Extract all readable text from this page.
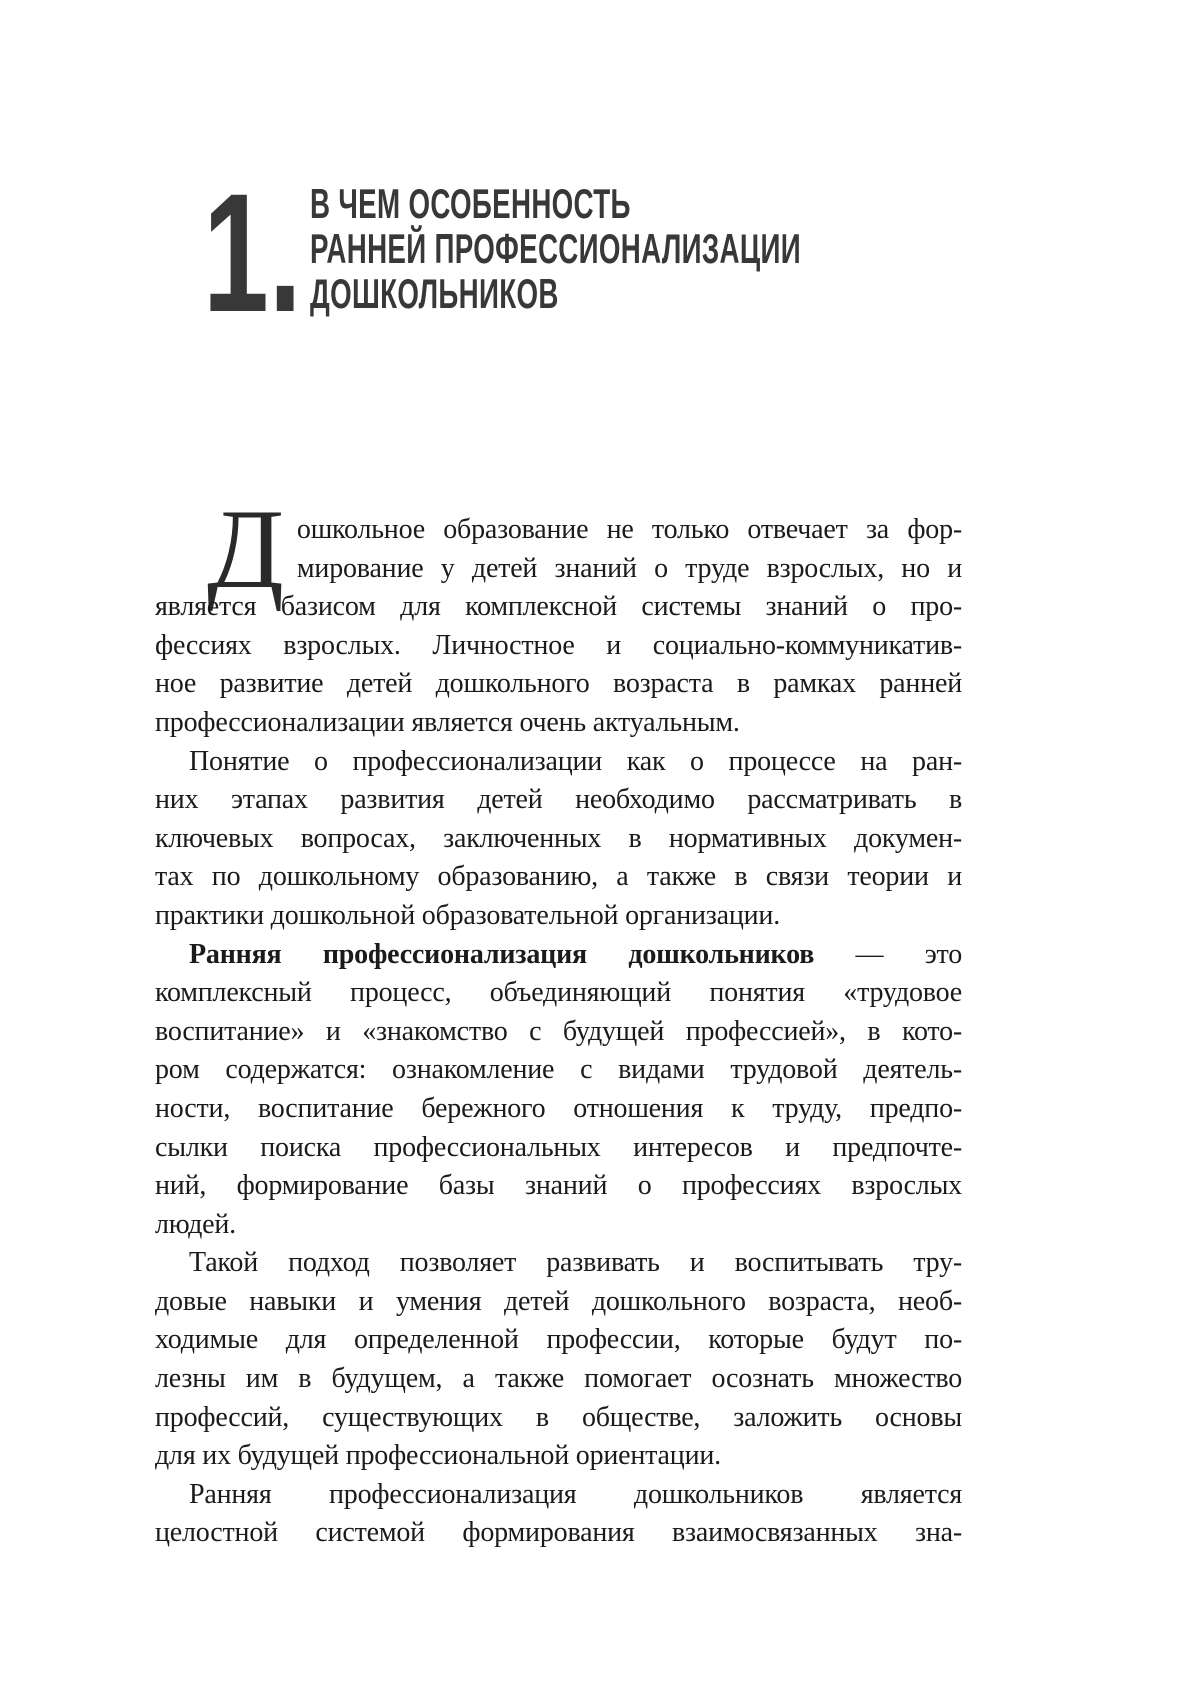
1. В ЧЕМ ОСОБЕННОСТЬ
РАННЕЙ ПРОФЕССИОНАЛИЗАЦИИ
ДОШКОЛЬНИКОВ
Д ошкольное образование не только отвечает за фор-
мирование у детей знаний о труде взрослых, но и
является базисом для комплексной системы знаний о про-
фессиях взрослых. Личностное и социально-коммуникатив-
ное развитие детей дошкольного возраста в рамках ранней
профессионализации является очень актуальным.
Понятие о профессионализации как о процессе на ран-
них этапах развития детей необходимо рассматривать в
ключевых вопросах, заключенных в нормативных докумен-
тах по дошкольному образованию, а также в связи теории и
практики дошкольной образовательной организации.
Ранняя профессионализация дошкольников — это
комплексный процесс, объединяющий понятия «трудовое
воспитание» и «знакомство с будущей профессией», в кото-
ром содержатся: ознакомление с видами трудовой деятель-
ности, воспитание бережного отношения к труду, предпо-
сылки поиска профессиональных интересов и предпочте-
ний, формирование базы знаний о профессиях взрослых
людей.
Такой подход позволяет развивать и воспитывать тру-
довые навыки и умения детей дошкольного возраста, необ-
ходимые для определенной профессии, которые будут по-
лезны им в будущем, а также помогает осознать множество
профессий, существующих в обществе, заложить основы
для их будущей профессиональной ориентации.
Ранняя профессионализация дошкольников является
целостной системой формирования взаимосвязанных зна-
